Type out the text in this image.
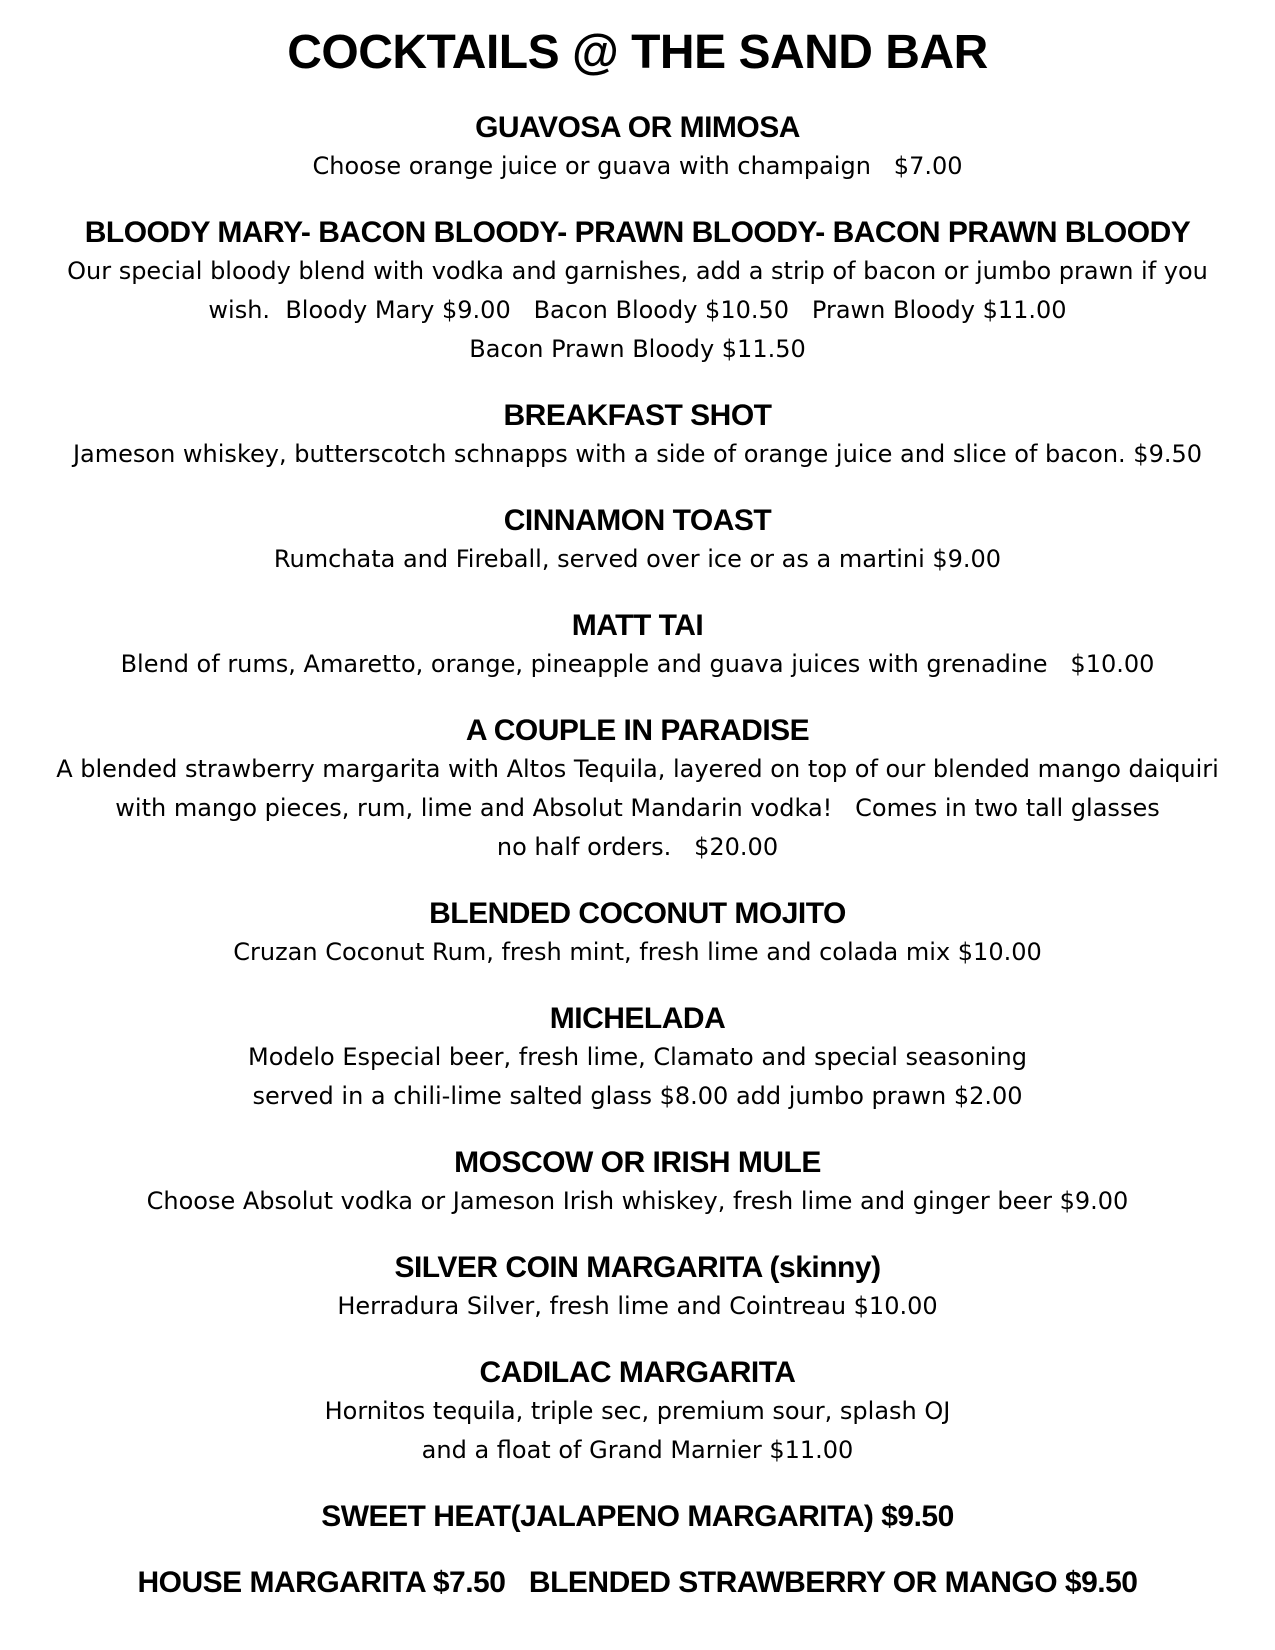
COCKTAILS @ THE SAND BAR
GUAVOSA OR MIMOSA
Choose orange juice or guava with champaign   $7.00
BLOODY MARY- BACON BLOODY- PRAWN BLOODY- BACON PRAWN BLOODY
Our special bloody blend with vodka and garnishes, add a strip of bacon or jumbo prawn if you
wish.  Bloody Mary $9.00   Bacon Bloody $10.50   Prawn Bloody $11.00
Bacon Prawn Bloody $11.50
BREAKFAST SHOT
Jameson whiskey, butterscotch schnapps with a side of orange juice and slice of bacon. $9.50
CINNAMON TOAST
Rumchata and Fireball, served over ice or as a martini $9.00
MATT TAI
Blend of rums, Amaretto, orange, pineapple and guava juices with grenadine   $10.00
A COUPLE IN PARADISE
A blended strawberry margarita with Altos Tequila, layered on top of our blended mango daiquiri
with mango pieces, rum, lime and Absolut Mandarin vodka!   Comes in two tall glasses
no half orders.   $20.00
BLENDED COCONUT MOJITO
Cruzan Coconut Rum, fresh mint, fresh lime and colada mix $10.00
MICHELADA
Modelo Especial beer, fresh lime, Clamato and special seasoning
served in a chili-lime salted glass $8.00 add jumbo prawn $2.00
MOSCOW OR IRISH MULE
Choose Absolut vodka or Jameson Irish whiskey, fresh lime and ginger beer $9.00
SILVER COIN MARGARITA (skinny)
Herradura Silver, fresh lime and Cointreau $10.00
CADILAC MARGARITA
Hornitos tequila, triple sec, premium sour, splash OJ
and a float of Grand Marnier $11.00
SWEET HEAT(JALAPENO MARGARITA) $9.50
HOUSE MARGARITA $7.50   BLENDED STRAWBERRY OR MANGO $9.50
